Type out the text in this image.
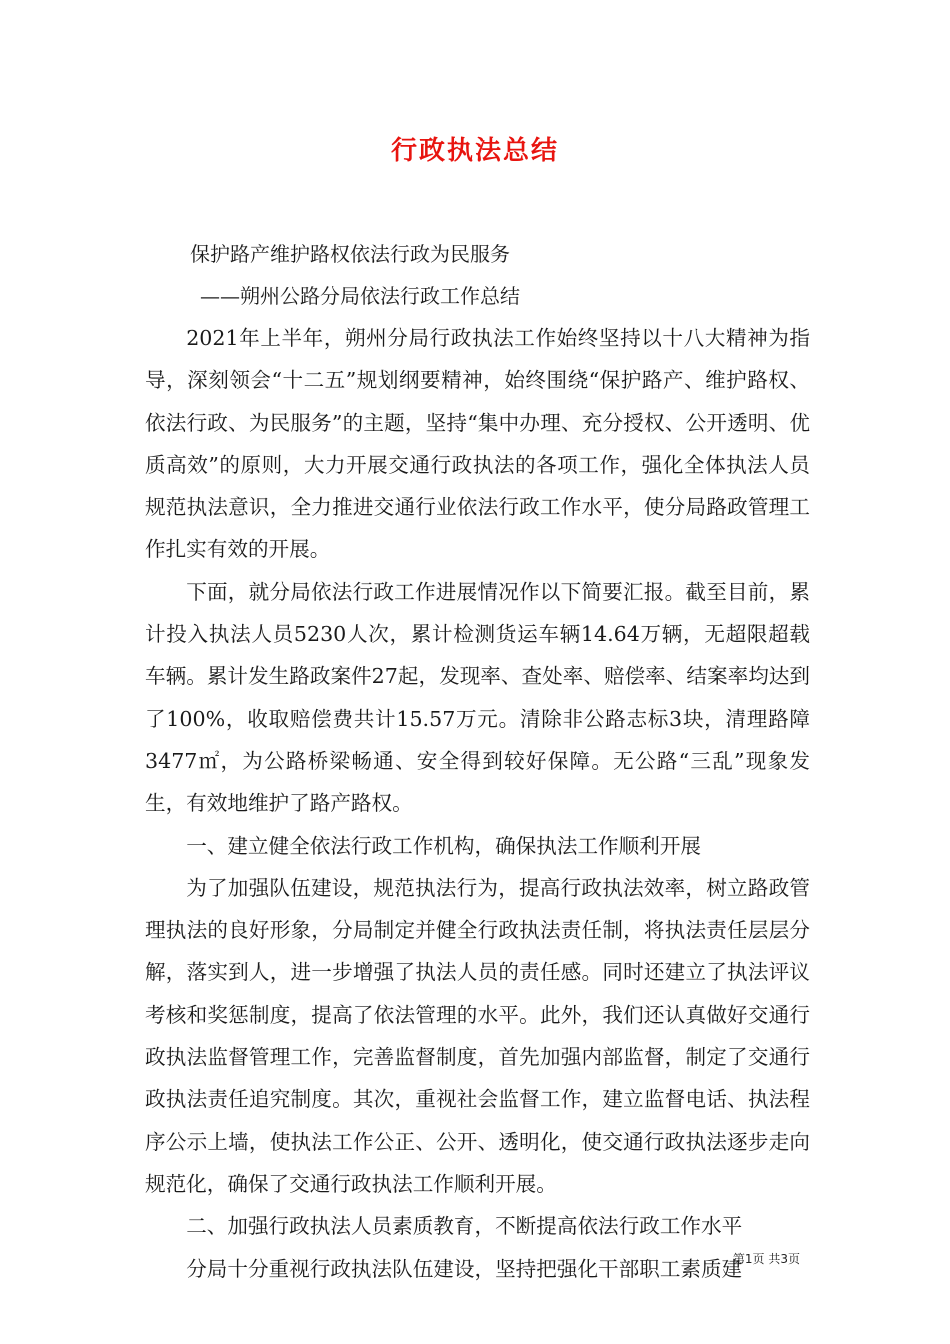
行政执法总结
保护路产维护路权依法行政为民服务
——朔州公路分局依法行政工作总结

2021年上半年，朔州分局行政执法工作始终坚持以十八大精神为指导，深刻领会“十二五”规划纲要精神，始终围绕“保护路产、维护路权、依法行政、为民服务”的主题，坚持“集中办理、充分授权、公开透明、优质高效”的原则，大力开展交通行政执法的各项工作，强化全体执法人员规范执法意识，全力推进交通行业依法行政工作水平，使分局路政管理工作扎实有效的开展。

下面，就分局依法行政工作进展情况作以下简要汇报。截至目前，累计投入执法人员5230人次，累计检测货运车辆14.64万辆，无超限超载车辆。累计发生路政案件27起，发现率、查处率、赔偿率、结案率均达到了100%，收取赔偿费共计15.57万元。清除非公路志标3块，清理路障3477㎡，为公路桥梁畅通、安全得到较好保障。无公路“三乱”现象发生，有效地维护了路产路权。

一、建立健全依法行政工作机构，确保执法工作顺利开展

为了加强队伍建设，规范执法行为，提高行政执法效率，树立路政管理执法的良好形象，分局制定并健全行政执法责任制，将执法责任层层分解，落实到人，进一步增强了执法人员的责任感。同时还建立了执法评议考核和奖惩制度，提高了依法管理的水平。此外，我们还认真做好交通行政执法监督管理工作，完善监督制度，首先加强内部监督，制定了交通行政执法责任追究制度。其次，重视社会监督工作，建立监督电话、执法程序公示上墙，使执法工作公正、公开、透明化，使交通行政执法逐步走向规范化，确保了交通行政执法工作顺利开展。

二、加强行政执法人员素质教育，不断提高依法行政工作水平

分局十分重视行政执法队伍建设，坚持把强化干部职工素质建

第1页 共3页
